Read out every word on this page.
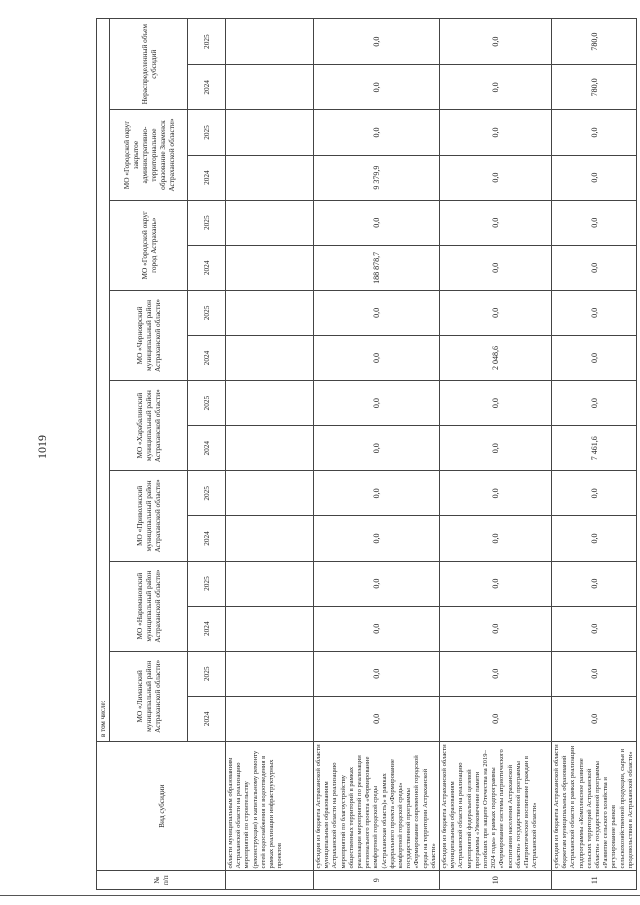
1019
№ п/п	Вид субсидии	в том числе:															
		МО «Лиманский муниципальный район Астраханской области»		МО «Наримановский муниципальный район Астраханской области»		МО «Приволжский муниципальный район Астраханской области»		МО «Харабалинский муниципальный район Астраханской области»		МО «Черноярский муниципальный район Астраханской области»		МО «Городской округ город Астрахань»		МО «Городской округ закрытое административно-территориальное образование Знаменск Астраханской области»		Нераспределенный объем субсидий	
		2024	2025	2024	2025	2024	2025	2024	2025	2024	2025	2024	2025	2024	2025	2024	2025
	области муниципальным образованиям Астраханской области на реализацию мероприятий по строительству (реконструкции) и капитальному ремонту сетей водоснабжения и водоотведения в рамках реализации инфраструктурных проектов																
9	субсидия из бюджета Астраханской области муниципальным образованиям Астраханской области на реализацию мероприятий по благоустройству общественных территорий в рамках реализации мероприятий по реализации регионального проекта «Формирование комфортной городской среды (Астраханская область)» в рамках федерального проекта «Формирование комфортной городской среды» государственной программы «Формирование современной городской среды на территории Астраханской области»	0,0	0,0	0,0	0,0	0,0	0,0	0,0	0,0	0,0	0,0	188 878,7	0,0	9 379,9	0,0	0,0	0,0
10	субсидия из бюджета Астраханской области муниципальным образованиям Астраханской области на реализацию мероприятий федеральной целевой программы «Увековечение памяти погибших при защите Отечества на 2019–2024 годы» в рамках подпрограммы «Формирование системы патриотического воспитания населения Астраханской области» государственной программы «Патриотическое воспитание граждан в Астраханской области»	0,0	0,0	0,0	0,0	0,0	0,0	0,0	0,0	2 048,6	0,0	0,0	0,0	0,0	0,0	0,0	0,0
11	субсидия из бюджета Астраханской области бюджетам муниципальных образований Астраханской области в рамках реализации подпрограммы «Комплексное развитие сельских территорий Астраханской области» государственной программы «Развитие сельского хозяйства и регулирование рынков сельскохозяйственной продукции, сырья и продовольствия в Астраханской области»	0,0	0,0	0,0	0,0	0,0	0,0	7 461,6	0,0	0,0	0,0	0,0	0,0	0,0	0,0	780,0	780,0
